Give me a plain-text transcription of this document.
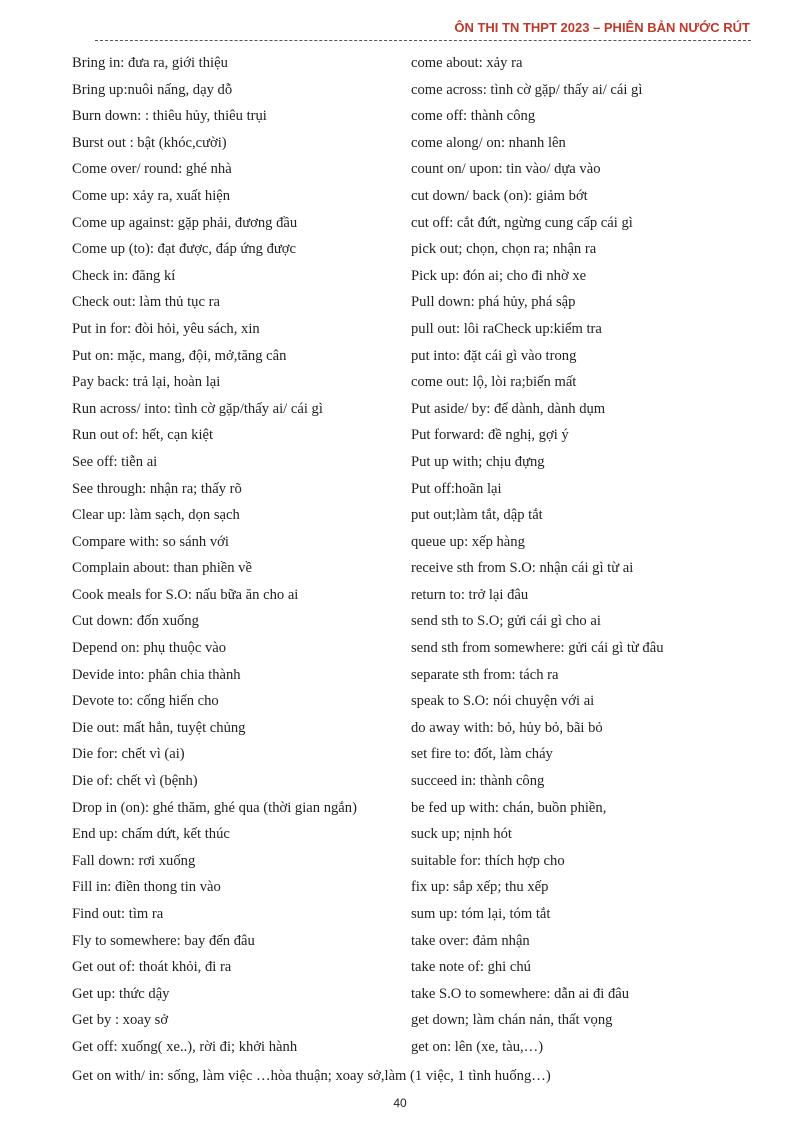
ÔN THI TN THPT 2023 – PHIÊN BẢN NƯỚC RÚT
Bring in: đưa ra, giới thiệu	come about: xảy ra
Bring up:nuôi nấng, dạy dỗ	come across: tình cờ gặp/ thấy ai/ cái gì
Burn down: : thiêu hủy, thiêu trụi	come off: thành công
Burst out : bật (khóc,cười)	come along/ on: nhanh lên
Come over/ round: ghé nhà	count on/ upon: tin vào/ dựa vào
Come up: xảy ra, xuất hiện	cut down/ back (on): giảm bớt
Come up against: gặp phải, đương đầu	cut off: cắt đứt, ngừng cung cấp cái gì
Come up (to): đạt được, đáp ứng được	pick out; chọn, chọn ra; nhận ra
Check in: đăng kí	Pick up: đón ai; cho đi nhờ xe
Check out: làm thủ tục ra	Pull down: phá hủy, phá sập
Put in for: đòi hỏi, yêu sách, xin	pull out: lôi raCheck up:kiểm tra
Put on: mặc, mang, đội, mở,tăng cân	put into: đặt cái gì vào trong
Pay back: trả lại, hoàn lại	come out: lộ, lòi ra;biến mất
Run across/ into: tình cờ gặp/thấy ai/ cái gì	Put aside/ by: để dành, dành dụm
Run out of: hết, cạn kiệt	Put forward: đề nghị, gợi ý
See off: tiễn ai	Put up with; chịu đựng
See through: nhận ra; thấy rõ	Put off:hoãn lại
Clear up: làm sạch, dọn sạch	put out;làm tắt, dập tắt
Compare with: so sánh với	queue up: xếp hàng
Complain about: than phiền về	receive sth from S.O: nhận cái gì từ ai
Cook meals for S.O: nấu bữa ăn cho ai	return to: trở lại đâu
Cut down: đốn xuống	send sth to S.O; gửi cái gì cho ai
Depend on: phụ thuộc vào	send sth from somewhere: gửi cái gì từ đâu
Devide into: phân chia thành	separate sth from: tách ra
Devote to: cống hiến cho	speak to S.O: nói chuyện với ai
Die out: mất hẳn, tuyệt chủng	do away with: bỏ, hủy bỏ, bãi bỏ
Die for: chết vì (ai)	set fire to: đốt, làm cháy
Die of: chết vì (bệnh)	succeed in: thành công
Drop in (on): ghé thăm, ghé qua (thời gian ngắn)	be fed up with: chán, buồn phiền,
End up: chấm dứt, kết thúc	suck up; nịnh hót
Fall down: rơi xuống	suitable for: thích hợp cho
Fill in: điền thong tin vào	fix up: sắp xếp; thu xếp
Find out: tìm ra	sum up: tóm lại, tóm tắt
Fly to somewhere: bay đến đâu	take over: đảm nhận
Get out of: thoát khỏi, đi ra	take note of: ghi chú
Get up: thức dậy	take S.O to somewhere: dẫn ai đi đâu
Get by : xoay sở	get down; làm chán nản, thất vọng
Get off: xuống( xe..), rời đi; khởi hành	get on: lên (xe, tàu,…)
Get on with/ in: sống, làm việc …hòa thuận; xoay sở,làm (1 việc, 1 tình huống…)
40
